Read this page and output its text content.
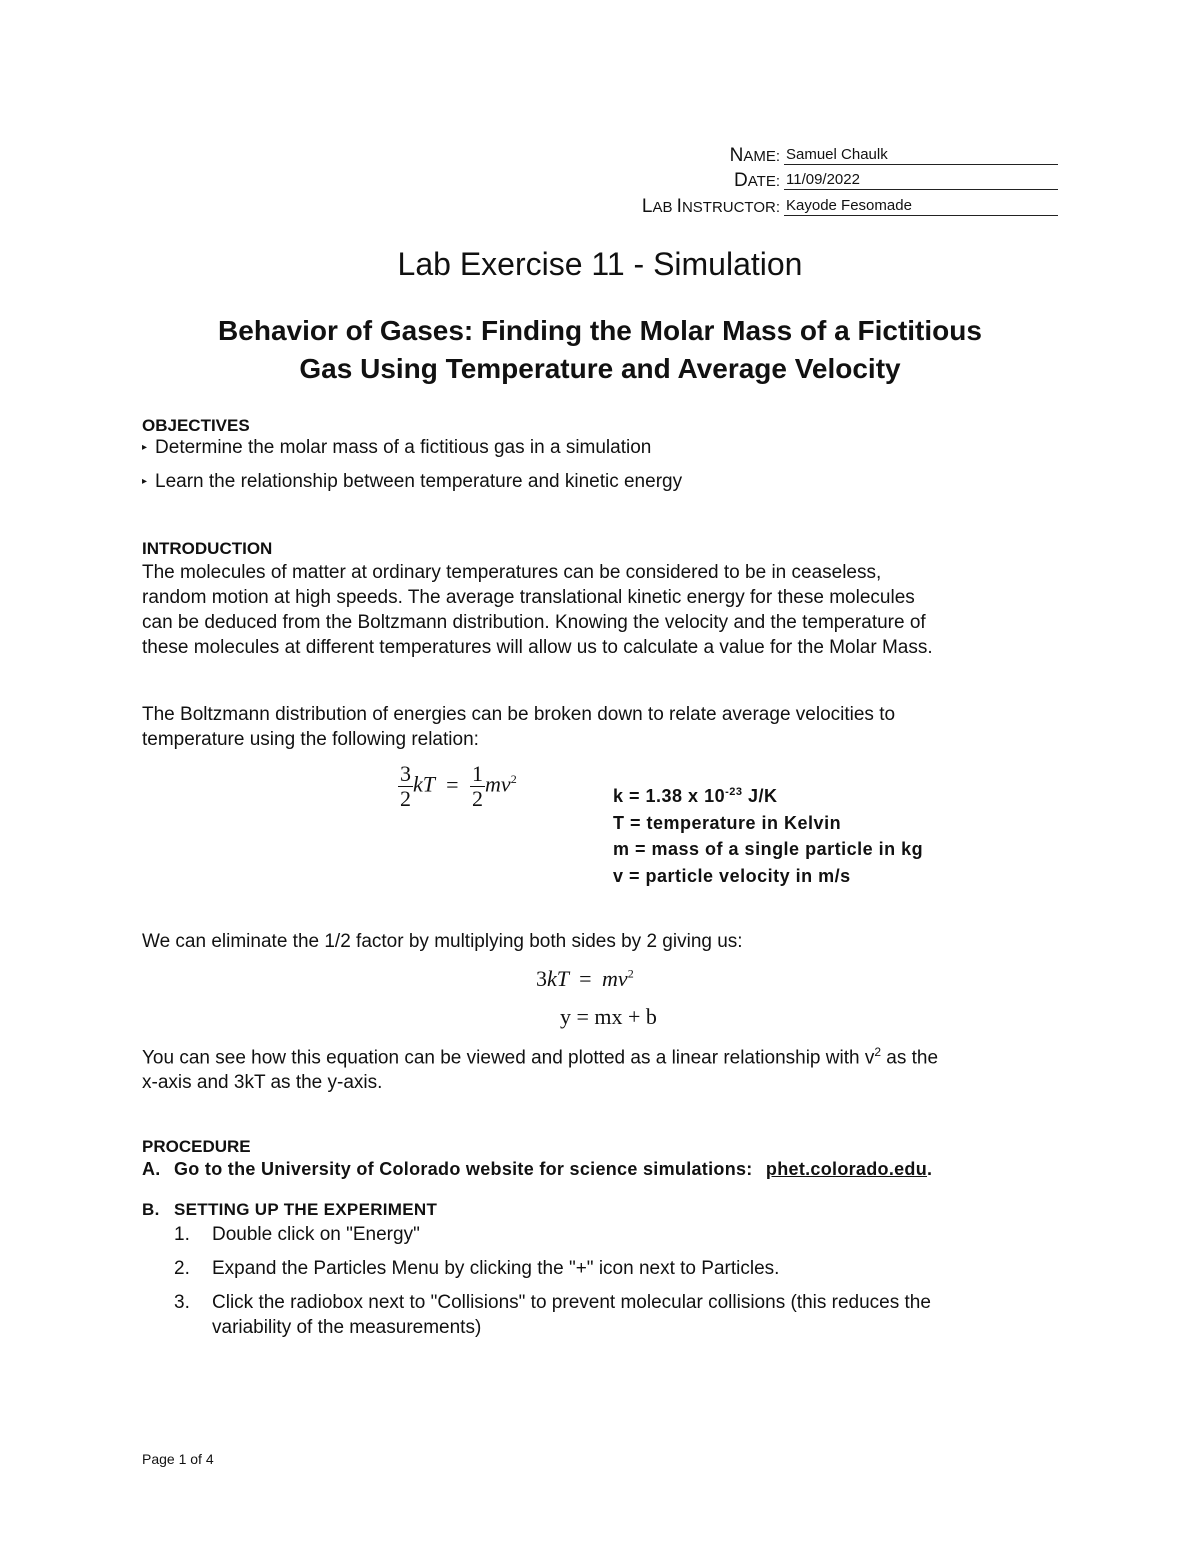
NAME: Samuel Chaulk
DATE: 11/09/2022
LAB INSTRUCTOR: Kayode Fesomade
Lab Exercise 11 - Simulation
Behavior of Gases: Finding the Molar Mass of a Fictitious
Gas Using Temperature and Average Velocity
OBJECTIVES
▸ Determine the molar mass of a fictitious gas in a simulation
▸ Learn the relationship between temperature and kinetic energy
INTRODUCTION
The molecules of matter at ordinary temperatures can be considered to be in ceaseless,
random motion at high speeds. The average translational kinetic energy for these molecules
can be deduced from the Boltzmann distribution. Knowing the velocity and the temperature of
these molecules at different temperatures will allow us to calculate a value for the Molar Mass.
The Boltzmann distribution of energies can be broken down to relate average velocities to
temperature using the following relation:
$\frac{3}{2}$ kT = $\frac{1}{2} mv^2$
k = 1.38 x $10^{-23}$ J/K
T = temperature in Kelvin
m = mass of a single particle in kg
v = particle velocity in m/s
We can eliminate the 1/2 factor by multiplying both sides by 2 giving us:
$3kT = mv^2$
y = mx + b
You can see how this equation can be viewed and plotted as a linear relationship with $v^2$ as the
x-axis and 3kT as the y-axis.
PROCEDURE
A. Go to the University of Colorado website for science simulations: phet.colorado.edu.
B. SETTING UP THE EXPERIMENT
1. Double click on "Energy"
2. Expand the Particles Menu by clicking the "+" icon next to Particles.
3. Click the radiobox next to "Collisions" to prevent molecular collisions (this reduces the
variability of the measurements)
Page 1 of 4
